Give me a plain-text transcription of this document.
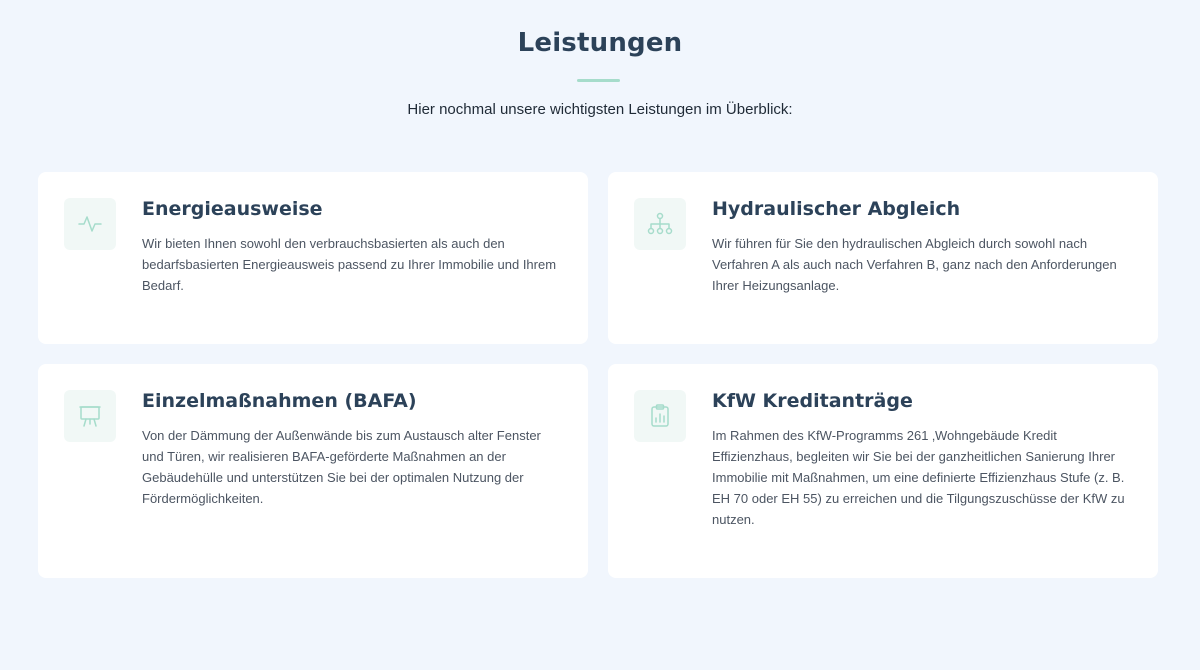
Leistungen

Hier nochmal unsere wichtigsten Leistungen im Überblick:

Energieausweise

Wir bieten Ihnen sowohl den verbrauchsbasierten als auch den bedarfsbasierten Energieausweis passend zu Ihrer Immobilie und Ihrem Bedarf.

Hydraulischer Abgleich

Wir führen für Sie den hydraulischen Abgleich durch sowohl nach Verfahren A als auch nach Verfahren B, ganz nach den Anforderungen Ihrer Heizungsanlage.

Einzelmaßnahmen (BAFA)

Von der Dämmung der Außenwände bis zum Austausch alter Fenster und Türen, wir realisieren BAFA-geförderte Maßnahmen an der Gebäudehülle und unterstützen Sie bei der optimalen Nutzung der Fördermöglichkeiten.

KfW Kreditanträge

Im Rahmen des KfW-Programms 261 ‚Wohngebäude Kredit Effizienzhaus, begleiten wir Sie bei der ganzheitlichen Sanierung Ihrer Immobilie mit Maßnahmen, um eine definierte Effizienzhaus Stufe (z. B. EH 70 oder EH 55) zu erreichen und die Tilgungszuschüsse der KfW zu nutzen.
